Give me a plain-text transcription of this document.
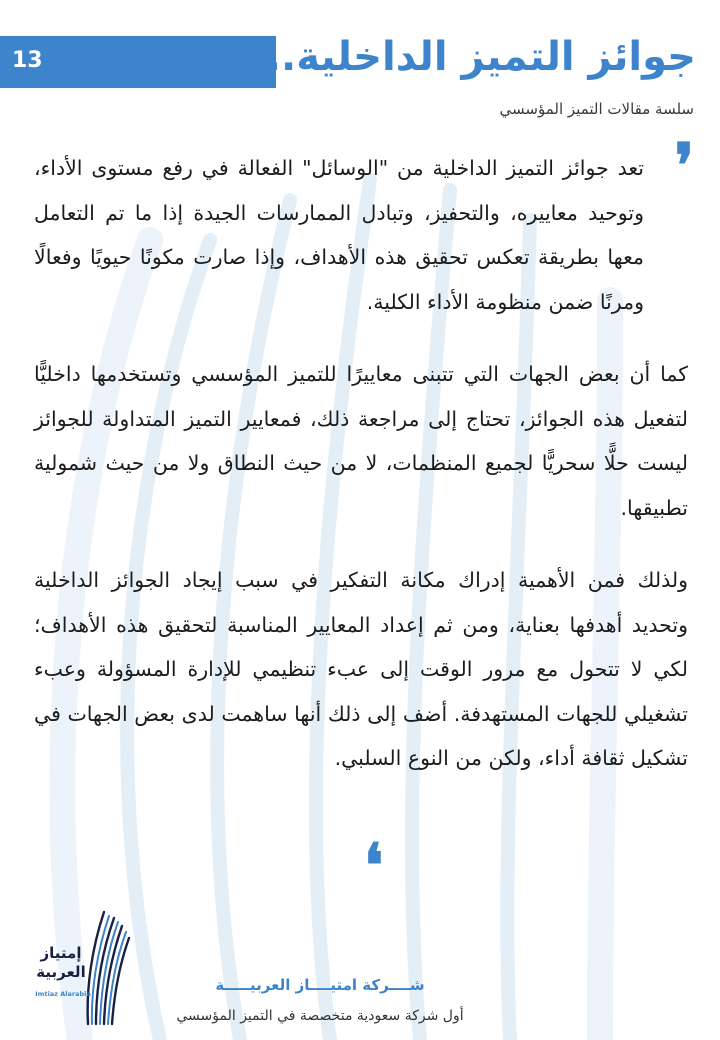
13	جوائز التميز الداخلية..
سلسة مقالات التميز المؤسسي
❜

تعد جوائز التميز الداخلية من "الوسائل" الفعالة في رفع مستوى الأداء، وتوحيد معاييره، والتحفيز، وتبادل الممارسات الجيدة إذا ما تم التعامل معها بطريقة تعكس تحقيق هذه الأهداف، وإذا صارت مكونًا حيويًا وفعالًا ومرنًا ضمن منظومة الأداء الكلية.

كما أن بعض الجهات التي تتبنى معاييرًا للتميز المؤسسي وتستخدمها داخليًّا لتفعيل هذه الجوائز، تحتاج إلى مراجعة ذلك، فمعايير التميز المتداولة للجوائز ليست حلًّا سحريًّا لجميع المنظمات، لا من حيث النطاق ولا من حيث شمولية تطبيقها.

ولذلك فمن الأهمية إدراك مكانة التفكير في سبب إيجاد الجوائز الداخلية وتحديد أهدفها بعناية، ومن ثم إعداد المعايير المناسبة لتحقيق هذه الأهداف؛ لكي لا تتحول مع مرور الوقت إلى عبء تنظيمي للإدارة المسؤولة وعبء تشغيلي للجهات المستهدفة. أضف إلى ذلك أنها ساهمت لدى بعض الجهات في تشكيل ثقافة أداء، ولكن من النوع السلبي.

❛
إمتياز
العربية
Imtiaz Alarabia	شــــركة امتيــــاز العربيـــــة
أول شركة سعودية متخصصة في التميز المؤسسي
